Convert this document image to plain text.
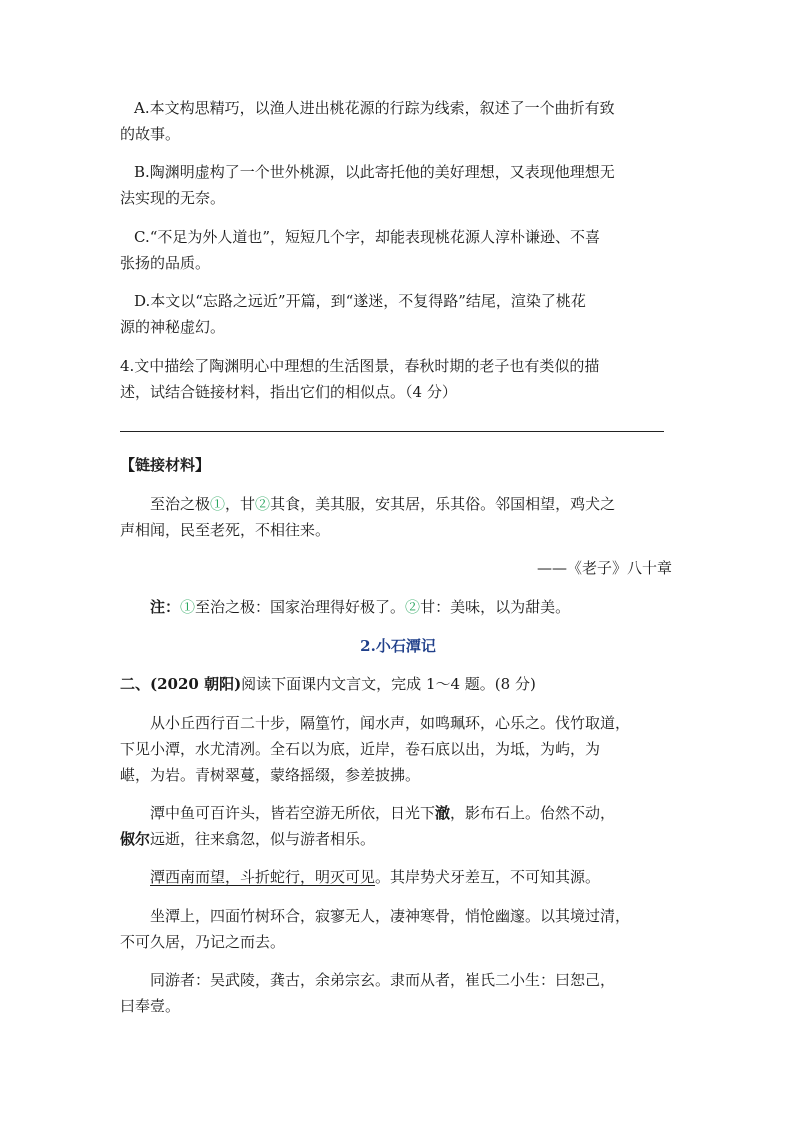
A.本文构思精巧，以渔人进出桃花源的行踪为线索，叙述了一个曲折有致

的故事。

B.陶渊明虚构了一个世外桃源，以此寄托他的美好理想，又表现他理想无

法实现的无奈。

C.“不足为外人道也”，短短几个字，却能表现桃花源人淳朴谦逊、不喜

张扬的品质。

D.本文以“忘路之远近”开篇，到“遂迷，不复得路”结尾，渲染了桃花

源的神秘虚幻。

4.文中描绘了陶渊明心中理想的生活图景，春秋时期的老子也有类似的描

述，试结合链接材料，指出它们的相似点。（4 分）

【链接材料】

至治之极①，甘②其食，美其服，安其居，乐其俗。邻国相望，鸡犬之

声相闻，民至老死，不相往来。

——《老子》八十章

注：①至治之极：国家治理得好极了。②甘：美味，以为甜美。

2.小石潭记

二、(2020 朝阳)阅读下面课内文言文，完成 1～4 题。(8 分)

从小丘西行百二十步，隔篁竹，闻水声，如鸣珮环，心乐之。伐竹取道，

下见小潭，水尤清冽。全石以为底，近岸，卷石底以出，为坻，为屿，为

嵁，为岩。青树翠蔓，蒙络摇缀，参差披拂。

潭中鱼可百许头，皆若空游无所依，日光下澈，影布石上。佁然不动，

俶尔远逝，往来翕忽，似与游者相乐。

潭西南而望，斗折蛇行，明灭可见。其岸势犬牙差互，不可知其源。

坐潭上，四面竹树环合，寂寥无人，凄神寒骨，悄怆幽邃。以其境过清，

不可久居，乃记之而去。

同游者：吴武陵，龚古，余弟宗玄。隶而从者，崔氏二小生：曰恕己，

曰奉壹。
